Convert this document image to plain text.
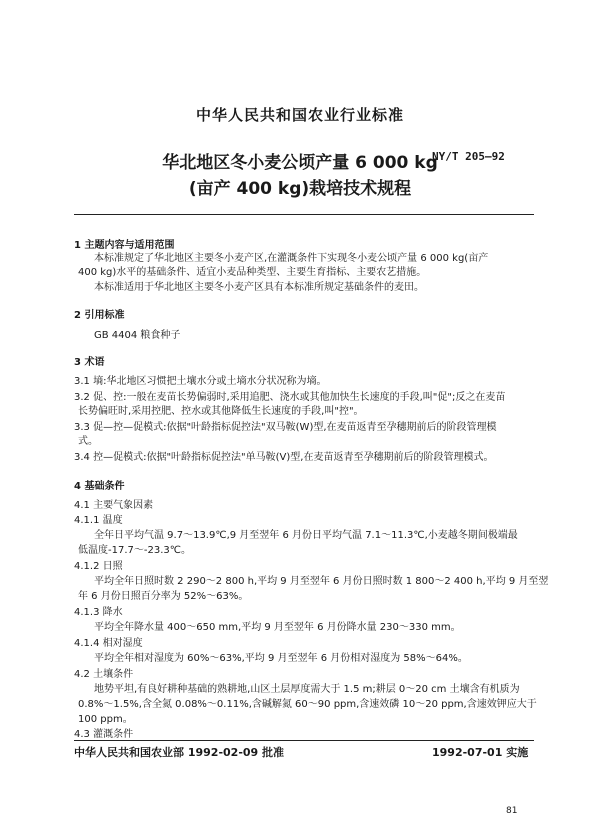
中华人民共和国农业行业标准
华北地区冬小麦公顷产量 6 000 kg
NY/T 205—92
(亩产 400 kg)栽培技术规程
1 主题内容与适用范围
本标准规定了华北地区主要冬小麦产区,在灌溉条件下实现冬小麦公顷产量 6 000 kg(亩产
400 kg)水平的基础条件、适宜小麦品种类型、主要生育指标、主要农艺措施。
本标准适用于华北地区主要冬小麦产区具有本标准所规定基础条件的麦田。
2 引用标准
GB 4404 粮食种子
3 术语
3.1 墒:华北地区习惯把土壤水分或土墒水分状况称为墒。
3.2 促、控:一般在麦苗长势偏弱时,采用追肥、浇水或其他加快生长速度的手段,叫"促";反之在麦苗
长势偏旺时,采用控肥、控水或其他降低生长速度的手段,叫"控"。
3.3 促—控—促模式:依据"叶龄指标促控法"双马鞍(W)型,在麦苗返青至孕穗期前后的阶段管理模
式。
3.4 控—促模式:依据"叶龄指标促控法"单马鞍(V)型,在麦苗返青至孕穗期前后的阶段管理模式。
4 基础条件
4.1 主要气象因素
4.1.1 温度
全年日平均气温 9.7～13.9℃,9 月至翌年 6 月份日平均气温 7.1～11.3℃,小麦越冬期间极端最
低温度-17.7～-23.3℃。
4.1.2 日照
平均全年日照时数 2 290～2 800 h,平均 9 月至翌年 6 月份日照时数 1 800～2 400 h,平均 9 月至翌
年 6 月份日照百分率为 52%～63%。
4.1.3 降水
平均全年降水量 400～650 mm,平均 9 月至翌年 6 月份降水量 230～330 mm。
4.1.4 相对湿度
平均全年相对湿度为 60%～63%,平均 9 月至翌年 6 月份相对湿度为 58%～64%。
4.2 土壤条件
地势平坦,有良好耕种基础的熟耕地,山区土层厚度需大于 1.5 m;耕层 0～20 cm 土壤含有机质为
0.8%～1.5%,含全氮 0.08%～0.11%,含碱解氮 60～90 ppm,含速效磷 10～20 ppm,含速效钾应大于
100 ppm。
4.3 灌溉条件
中华人民共和国农业部 1992-02-09 批准	1992-07-01 实施
81
